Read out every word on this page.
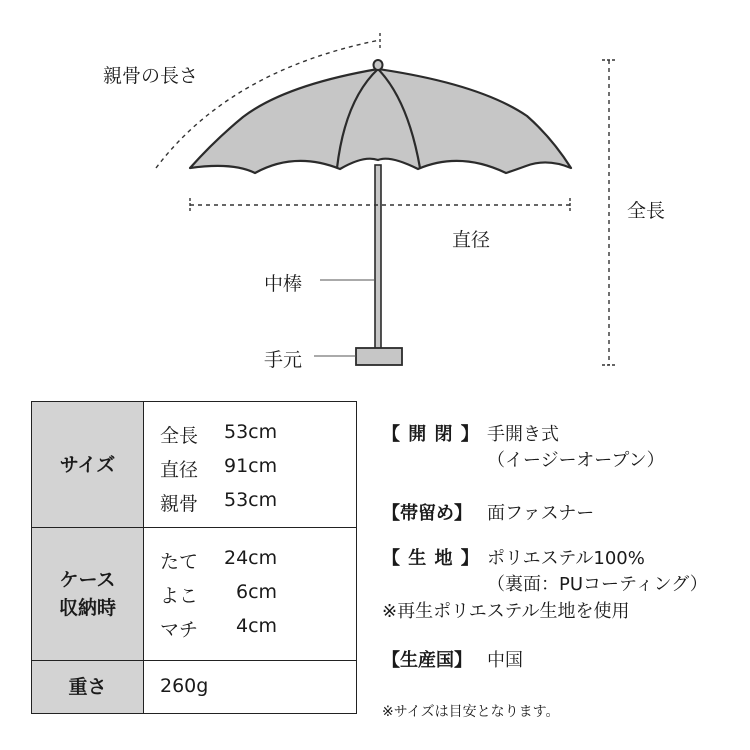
親骨の長さ
全長
直径
中棒
手元
サイズ
全長 53cm
直径 91cm
親骨 53cm
ケース
収納時
たて 24cm
よこ 6cm
マチ 4cm
重さ	260g
【 開 閉 】 手開き式
（イージーオープン）
【帯留め】 面ファスナー
【 生 地 】 ポリエステル100%
（裏面：PUコーティング）
※再生ポリエステル生地を使用
【生産国】 中国
※サイズは目安となります。
